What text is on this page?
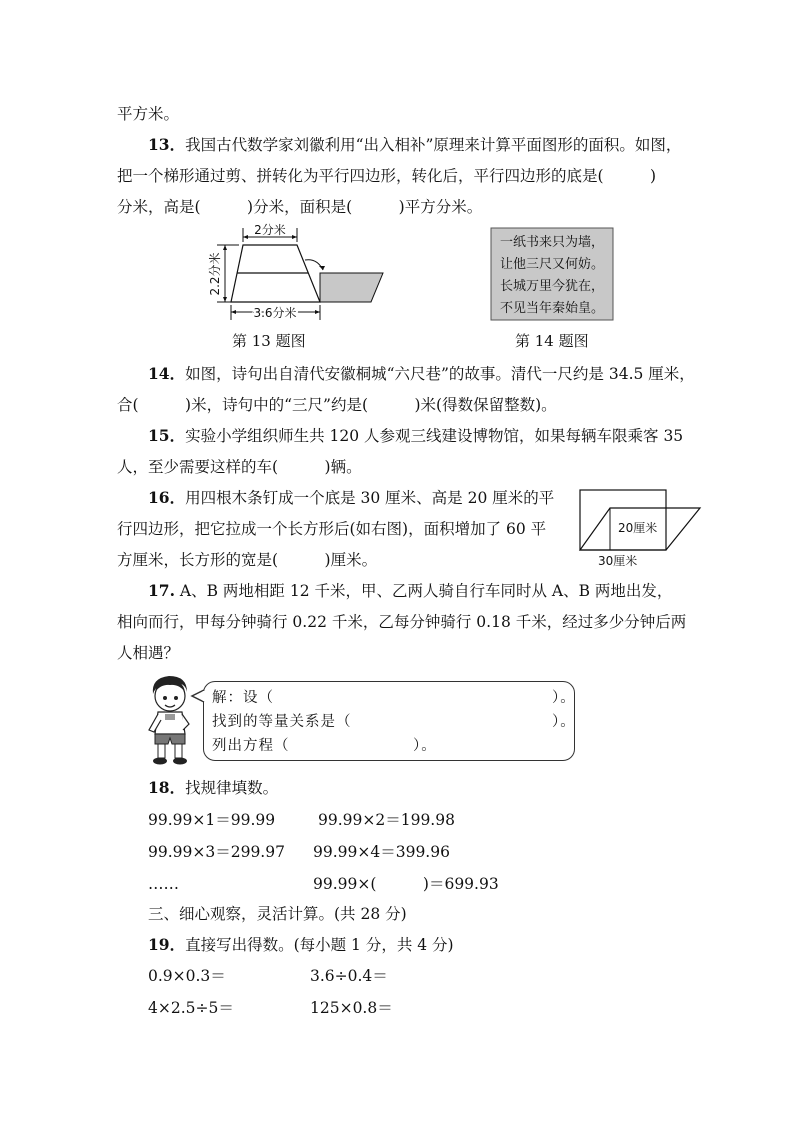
平方米。
13．我国古代数学家刘徽利用“出入相补”原理来计算平面图形的面积。如图，
把一个梯形通过剪、拼转化为平行四边形，转化后，平行四边形的底是(　　　)
分米，高是(　　　)分米，面积是(　　　)平方分米。
2分米
2.2分米
3.6分米
第 13 题图
一纸书来只为墙，
让他三尺又何妨。
长城万里今犹在，
不见当年秦始皇。
第 14 题图
14．如图，诗句出自清代安徽桐城“六尺巷”的故事。清代一尺约是 34.5 厘米，
合(　　　)米，诗句中的“三尺”约是(　　　)米(得数保留整数)。
15．实验小学组织师生共 120 人参观三线建设博物馆，如果每辆车限乘客 35
人，至少需要这样的车(　　　)辆。
16．用四根木条钉成一个底是 30 厘米、高是 20 厘米的平
行四边形，把它拉成一个长方形后(如右图)，面积增加了 60 平
方厘米，长方形的宽是(　　　)厘米。
20厘米
30厘米
17. A、B 两地相距 12 千米，甲、乙两人骑自行车同时从 A、B 两地出发，
相向而行，甲每分钟骑行 0.22 千米，乙每分钟骑行 0.18 千米，经过多少分钟后两
人相遇？
解：设（	）。
找到的等量关系是（	）。
列出方程（	）。
18．找规律填数。
99.99×1＝99.99	99.99×2＝199.98
99.99×3＝299.97 99.99×4＝399.96
……	99.99×(　　　)＝699.93
三、细心观察，灵活计算。(共 28 分)
19．直接写出得数。(每小题 1 分，共 4 分)
0.9×0.3＝	3.6÷0.4＝
4×2.5÷5＝	125×0.8＝
